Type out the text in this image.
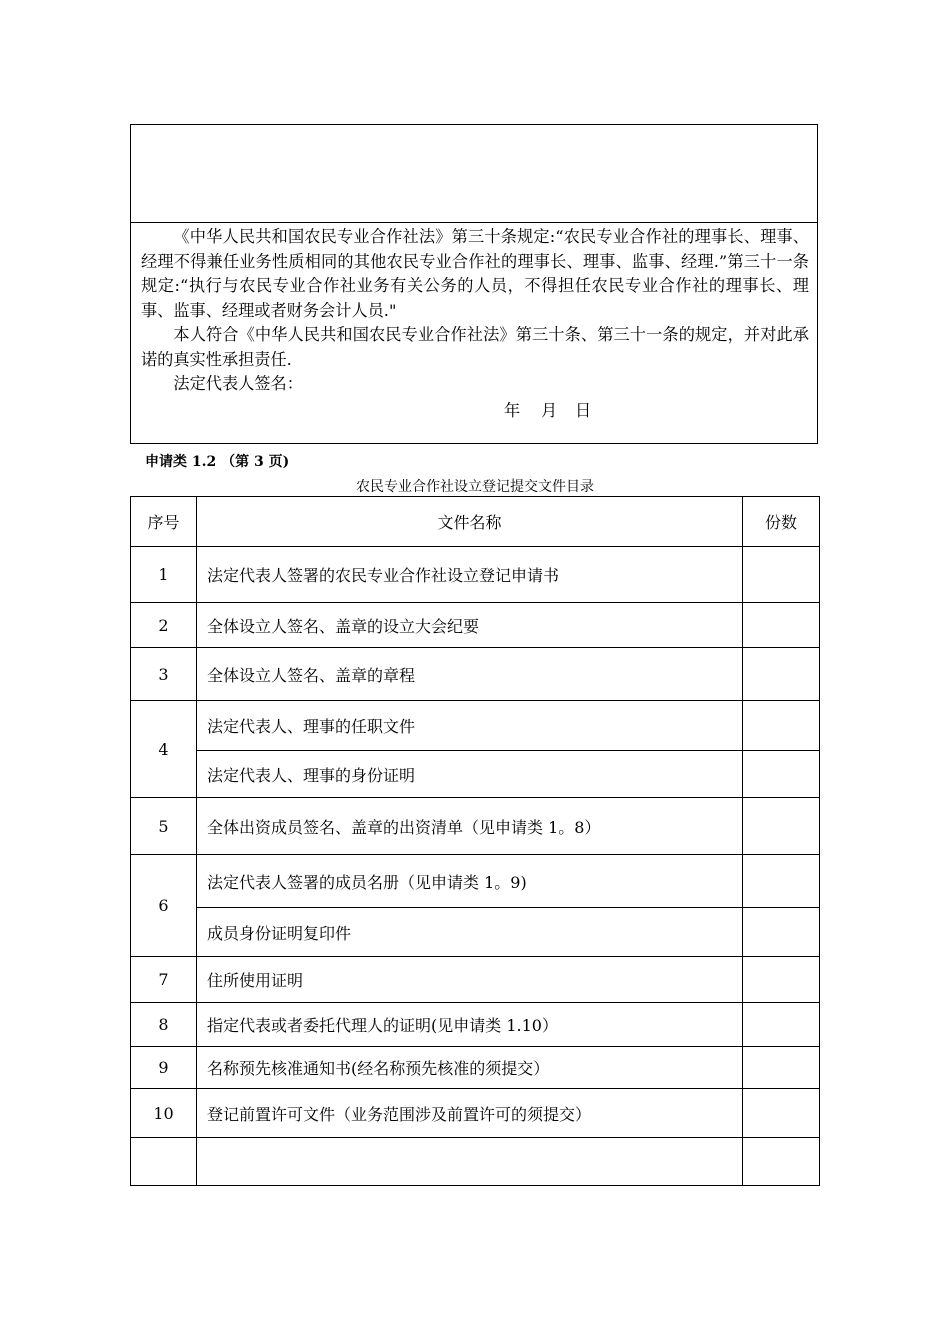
《中华人民共和国农民专业合作社法》第三十条规定:“农民专业合作社的理事长、理事、经理不得兼任业务性质相同的其他农民专业合作社的理事长、理事、监事、经理.”第三十一条规定:“执行与农民专业合作社业务有关公务的人员，不得担任农民专业合作社的理事长、理事、监事、经理或者财务会计人员."

本人符合《中华人民共和国农民专业合作社法》第三十条、第三十一条的规定，并对此承诺的真实性承担责任.

法定代表人签名：

年 月 日
申请类 1.2 （第 3 页)
农民专业合作社设立登记提交文件目录
序号	文件名称	份数
1	法定代表人签署的农民专业合作社设立登记申请书	
2	全体设立人签名、盖章的设立大会纪要	
3	全体设立人签名、盖章的章程	
4	法定代表人、理事的任职文件	
	法定代表人、理事的身份证明	
5	全体出资成员签名、盖章的出资清单（见申请类 1。8）	
6	法定代表人签署的成员名册（见申请类 1。9)	
	成员身份证明复印件	
7	住所使用证明	
8	指定代表或者委托代理人的证明(见申请类 1.10）	
9	名称预先核准通知书(经名称预先核准的须提交）	
10	登记前置许可文件（业务范围涉及前置许可的须提交）	
